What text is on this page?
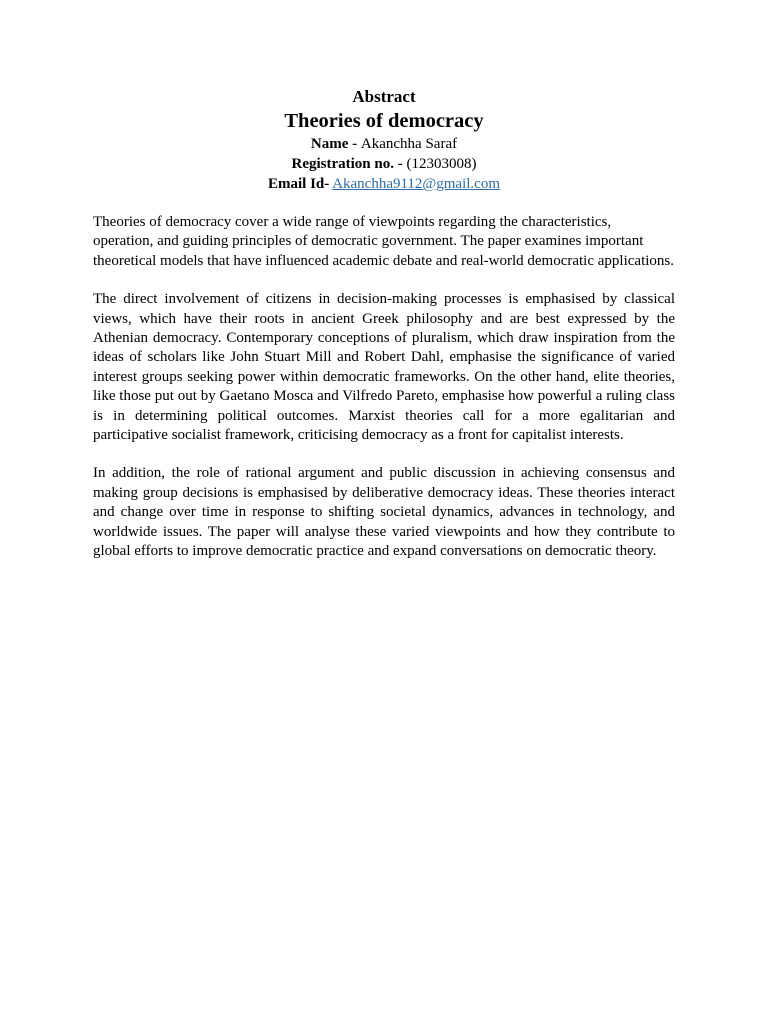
Abstract
Theories of democracy
Name - Akanchha Saraf
Registration no. - (12303008)
Email Id- Akanchha9112@gmail.com

Theories of democracy cover a wide range of viewpoints regarding the characteristics, operation, and guiding principles of democratic government. The paper examines important theoretical models that have influenced academic debate and real-world democratic applications.

The direct involvement of citizens in decision-making processes is emphasised by classical views, which have their roots in ancient Greek philosophy and are best expressed by the Athenian democracy. Contemporary conceptions of pluralism, which draw inspiration from the ideas of scholars like John Stuart Mill and Robert Dahl, emphasise the significance of varied interest groups seeking power within democratic frameworks. On the other hand, elite theories, like those put out by Gaetano Mosca and Vilfredo Pareto, emphasise how powerful a ruling class is in determining political outcomes. Marxist theories call for a more egalitarian and participative socialist framework, criticising democracy as a front for capitalist interests.

In addition, the role of rational argument and public discussion in achieving consensus and making group decisions is emphasised by deliberative democracy ideas. These theories interact and change over time in response to shifting societal dynamics, advances in technology, and worldwide issues. The paper will analyse these varied viewpoints and how they contribute to global efforts to improve democratic practice and expand conversations on democratic theory.
